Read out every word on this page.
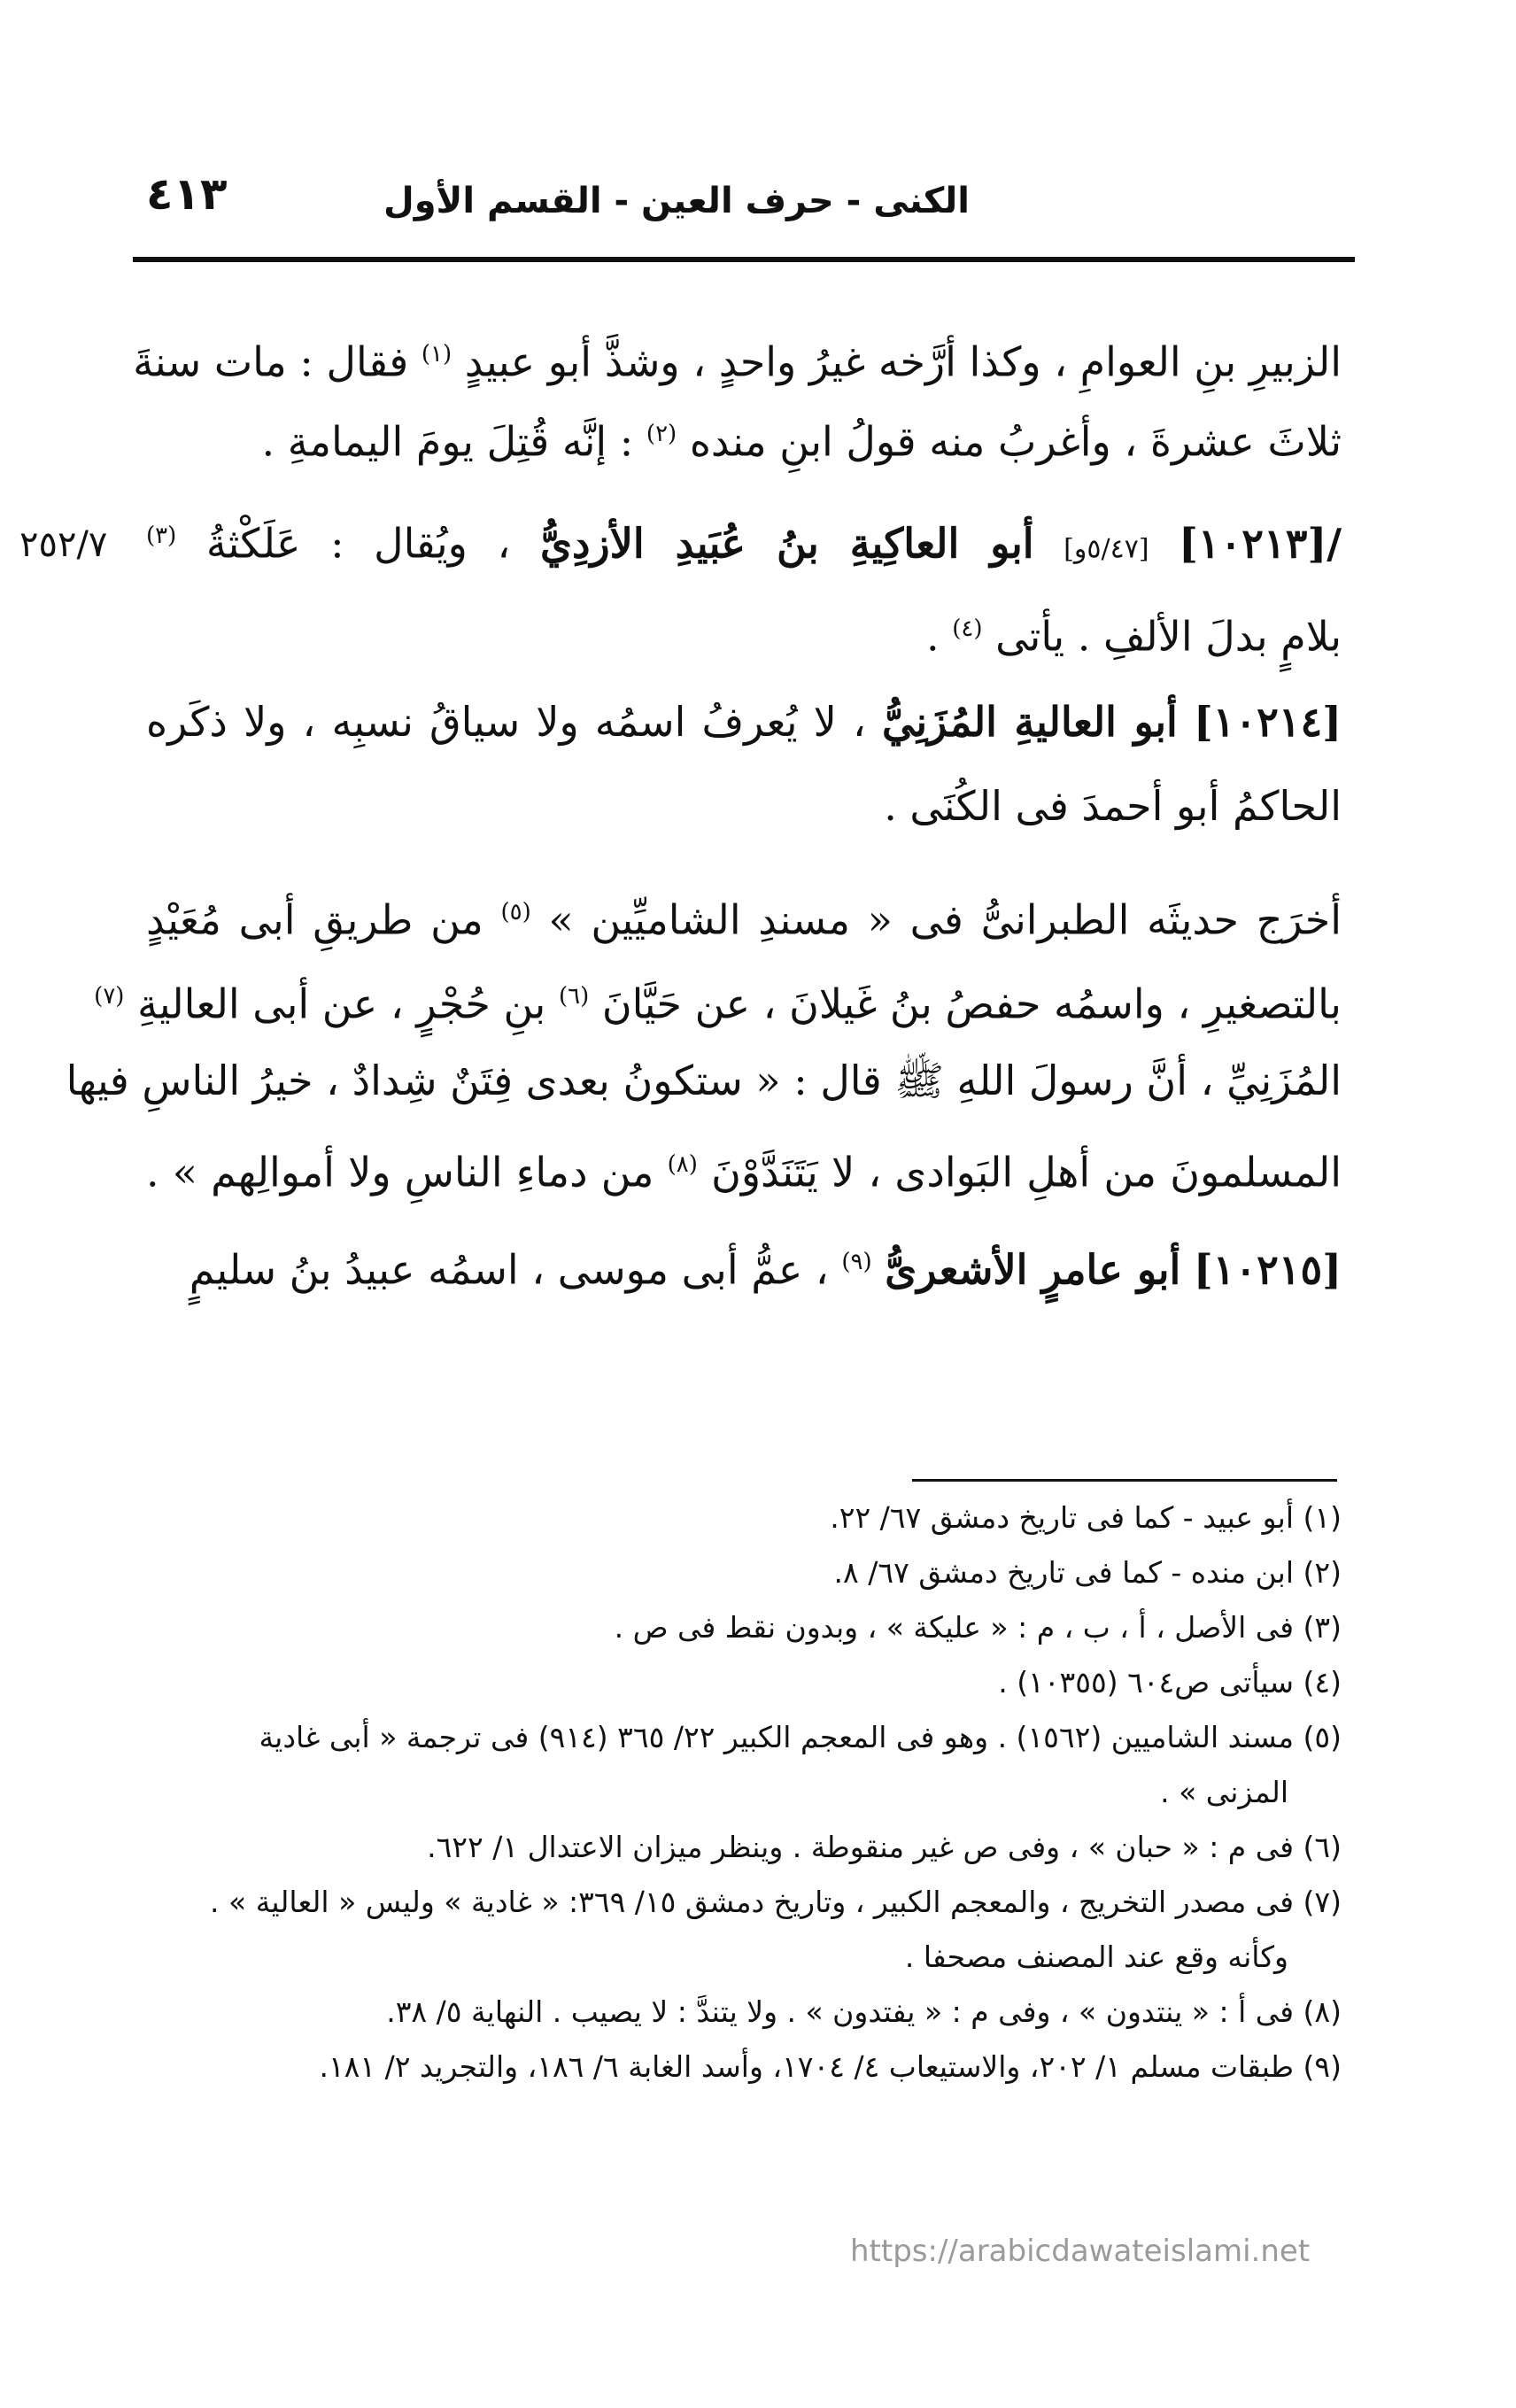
الكنى - حرف العين - القسم الأول
٤١٣
٢٥٢/٧
الزبيرِ بنِ العوامِ ، وكذا أرَّخه غيرُ واحدٍ ، وشذَّ أبو عبيدٍ $^{(١)}$ فقال : مات سنةَ
ثلاثَ عشرةَ ، وأغربُ منه قولُ ابنِ منده $^{(٢)}$ : إنَّه قُتِلَ يومَ اليمامةِ .
/[١٠٢١٣] [٥/٤٧و] أبو العاكِيةِ بنُ عُبَيدِ الأزدِيُّ ، ويُقال : عَلَكْثةُ $^{(٣)}$
بلامٍ بدلَ الألفِ . يأتى $^{(٤)}$ .
[١٠٢١٤] أبو العاليةِ المُزَنِيُّ ، لا يُعرفُ اسمُه ولا سياقُ نسبِه ، ولا ذكَره
الحاكمُ أبو أحمدَ فى الكُنَى .
أخرَج حديثَه الطبرانىُّ فى « مسندِ الشاميِّين » $^{(٥)}$ من طريقِ أبى مُعَيْدٍ
بالتصغيرِ ، واسمُه حفصُ بنُ غَيلانَ ، عن حَيَّانَ $^{(٦)}$ بنِ حُجْرٍ ، عن أبى العاليةِ $^{(٧)}$
المُزَنِيِّ ، أنَّ رسولَ اللهِ ﷺ قال : « ستكونُ بعدى فِتَنٌ شِدادٌ ، خيرُ الناسِ فيها
المسلمونَ من أهلِ البَوادى ، لا يَتَنَدَّوْنَ $^{(٨)}$ من دماءِ الناسِ ولا أموالِهم » .
[١٠٢١٥] أبو عامرٍ الأشعرىُّ $^{(٩)}$ ، عمُّ أبى موسى ، اسمُه عبيدُ بنُ سليمٍ
(١) أبو عبيد - كما فى تاريخ دمشق ٦٧/ ٢٢.
(٢) ابن منده - كما فى تاريخ دمشق ٦٧/ ٨.
(٣) فى الأصل ، أ ، ب ، م : « عليكة » ، وبدون نقط فى ص .
(٤) سيأتى ص٦٠٤ (١٠٣٥٥) .
(٥) مسند الشاميين (١٥٦٢) . وهو فى المعجم الكبير ٢٢/ ٣٦٥ (٩١٤) فى ترجمة « أبى غادية
المزنى » .
(٦) فى م : « حبان » ، وفى ص غير منقوطة . وينظر ميزان الاعتدال ١/ ٦٢٢.
(٧) فى مصدر التخريج ، والمعجم الكبير ، وتاريخ دمشق ١٥/ ٣٦٩: « غادية » وليس « العالية » .
وكأنه وقع عند المصنف مصحفا .
(٨) فى أ : « ينتدون » ، وفى م : « يفتدون » . ولا يتندَّ : لا يصيب . النهاية ٥/ ٣٨.
(٩) طبقات مسلم ١/ ٢٠٢، والاستيعاب ٤/ ١٧٠٤، وأسد الغابة ٦/ ١٨٦، والتجريد ٢/ ١٨١.
https://arabicdawateislami.net
